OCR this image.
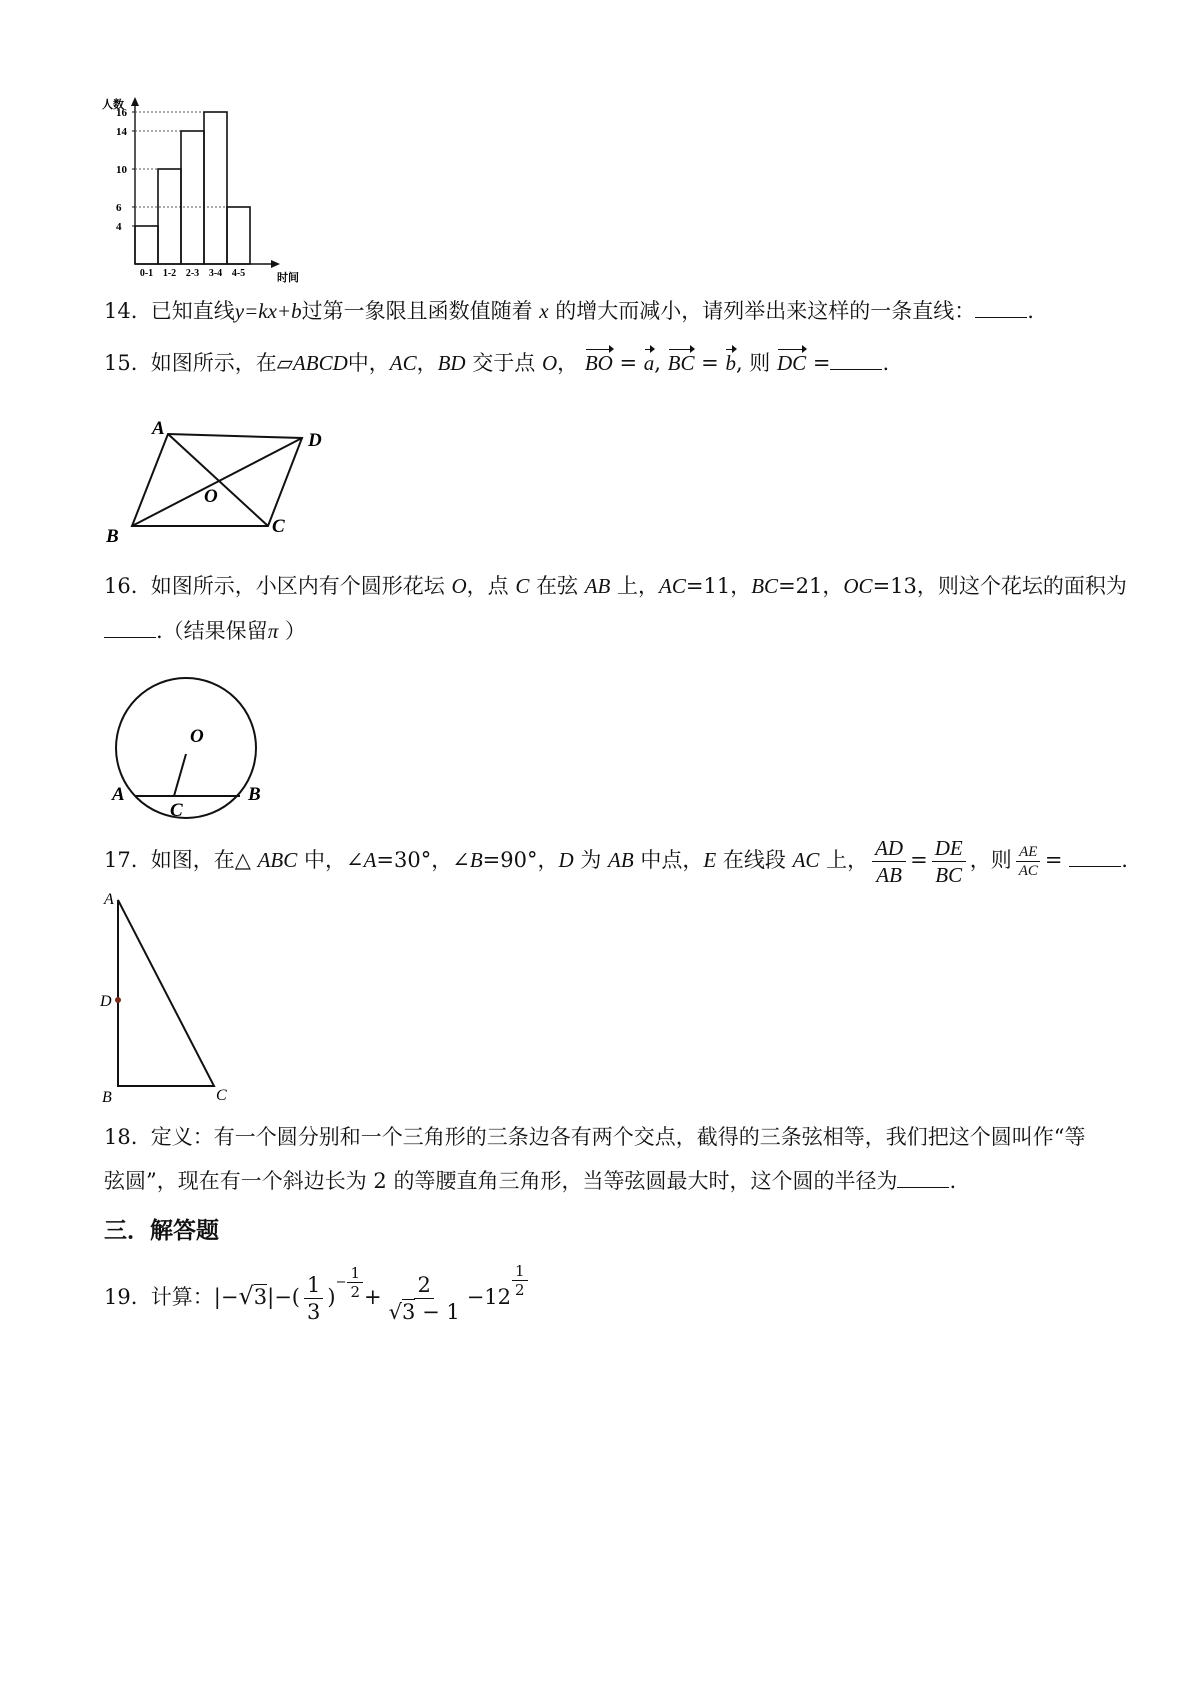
人数
时间
4
6
10
14
16
0-1 1-2 2-3 3-4 4-5
14. 已知直线y=kx+b过第一象限且函数值随着 x 的增大而减小，请列举出来这样的一条直线： .
15. 如图所示，在▱ABCD中，AC，BD 交于点 O， BO = a, BC = b, 则 DC = .
A
D
O
B	C
16. 如图所示，小区内有个圆形花坛 O，点 C 在弦 AB 上，AC=11，BC=21，OC=13，则这个花坛的面积为
.（结果保留π ）
O
A	B
C
17. 如图，在△ ABC 中，∠A=30°，∠B=90°，D 为 AB 中点，E 在线段 AC 上， $\frac{AD}{AB} = \frac{DE}{BC}$ ，则 $\frac{AE}{AC}$ =	.
A
D
B	C
18. 定义：有一个圆分别和一个三角形的三条边各有两个交点，截得的三条弦相等，我们把这个圆叫作“等
弦圆”，现在有一个斜边长为 2 的等腰直角三角形，当等弦圆最大时，这个圆的半径为 .
三．解答题
19. 计算：$|-√3|-( \frac{1}{3} )^{- \frac{1}{2}} + \frac{2}{√3 - 1} -12$ $^{\frac{1}{2}}$
